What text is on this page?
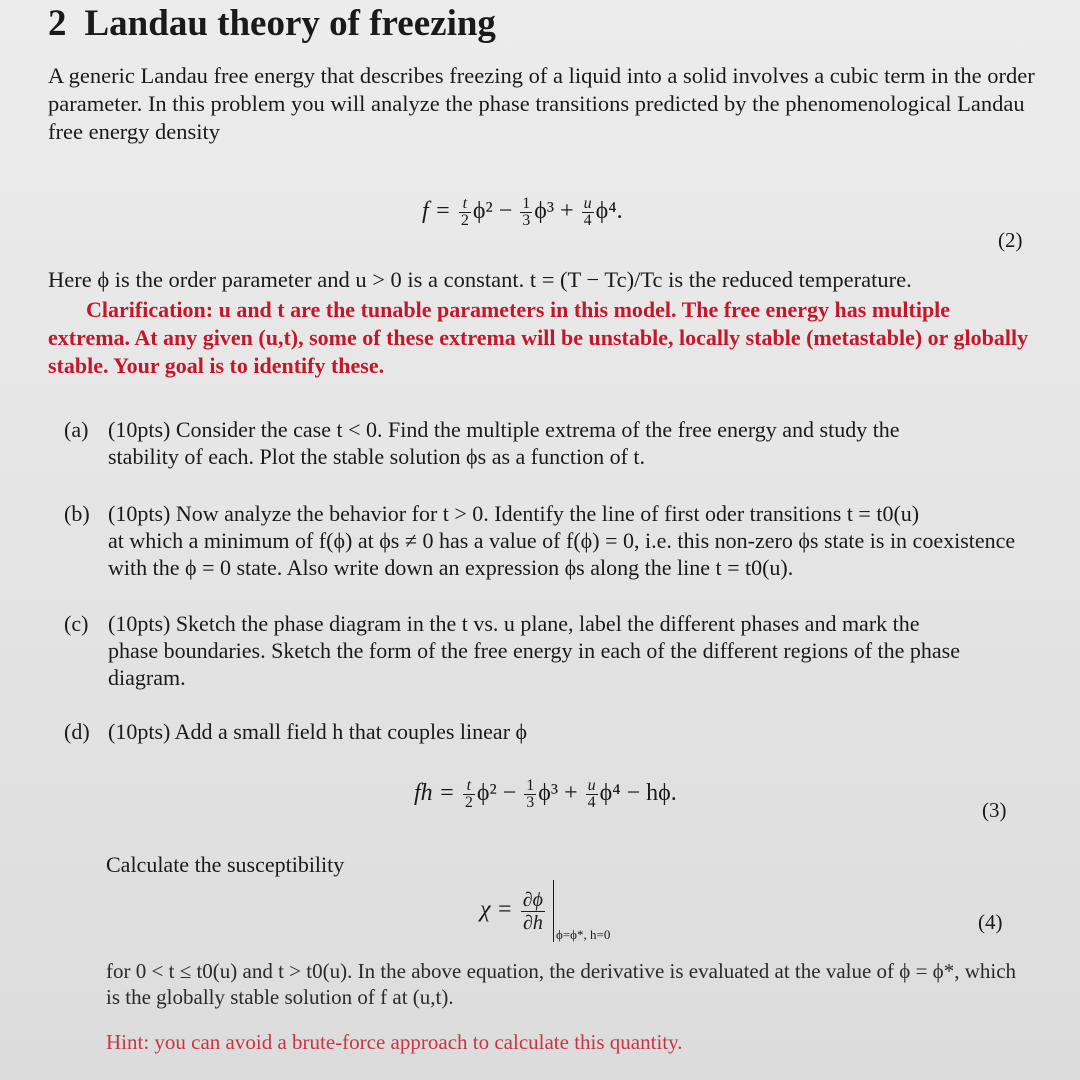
2 Landau theory of freezing
A generic Landau free energy that describes freezing of a liquid into a solid involves a cubic term in the order parameter. In this problem you will analyze the phase transitions predicted by the phenomenological Landau free energy density
$f = \frac{t}{2} \phi^2 - \frac{1}{3} \phi^3 + \frac{u}{4} \phi^4$.
(2)
Here ϕ is the order parameter and u > 0 is a constant. t = (T − Tc)/Tc is the reduced temperature.
Clarification: u and t are the tunable parameters in this model. The free energy has multiple
extrema. At any given (u,t), some of these extrema will be unstable, locally stable (metastable) or globally stable. Your goal is to identify these.
(a) (10pts) Consider the case t < 0. Find the multiple extrema of the free energy and study the
stability of each. Plot the stable solution ϕs as a function of t.
(b) (10pts) Now analyze the behavior for t > 0. Identify the line of first oder transitions t = t0(u)
at which a minimum of f(ϕ) at ϕs ≠ 0 has a value of f(ϕ) = 0, i.e. this non-zero ϕs state is in coexistence with the ϕ = 0 state. Also write down an expression ϕs along the line t = t0(u).
(c) (10pts) Sketch the phase diagram in the t vs. u plane, label the different phases and mark the
phase boundaries. Sketch the form of the free energy in each of the different regions of the phase diagram.
(d) (10pts) Add a small field h that couples linear ϕ
fh = $\frac{t}{2} \phi^2 - \frac{1}{3} \phi^3 + \frac{u}{4} \phi^4 - h\phi$.
(3)
Calculate the susceptibility
$\chi = \frac{\partial\phi}{\partial h}$
$_{\phi=\phi*, h=0}$
(4)
for 0 < t ≤ t0(u) and t > t0(u). In the above equation, the derivative is evaluated at the value of ϕ = ϕ*, which is the globally stable solution of f at (u,t).
Hint: you can avoid a brute-force approach to calculate this quantity.
